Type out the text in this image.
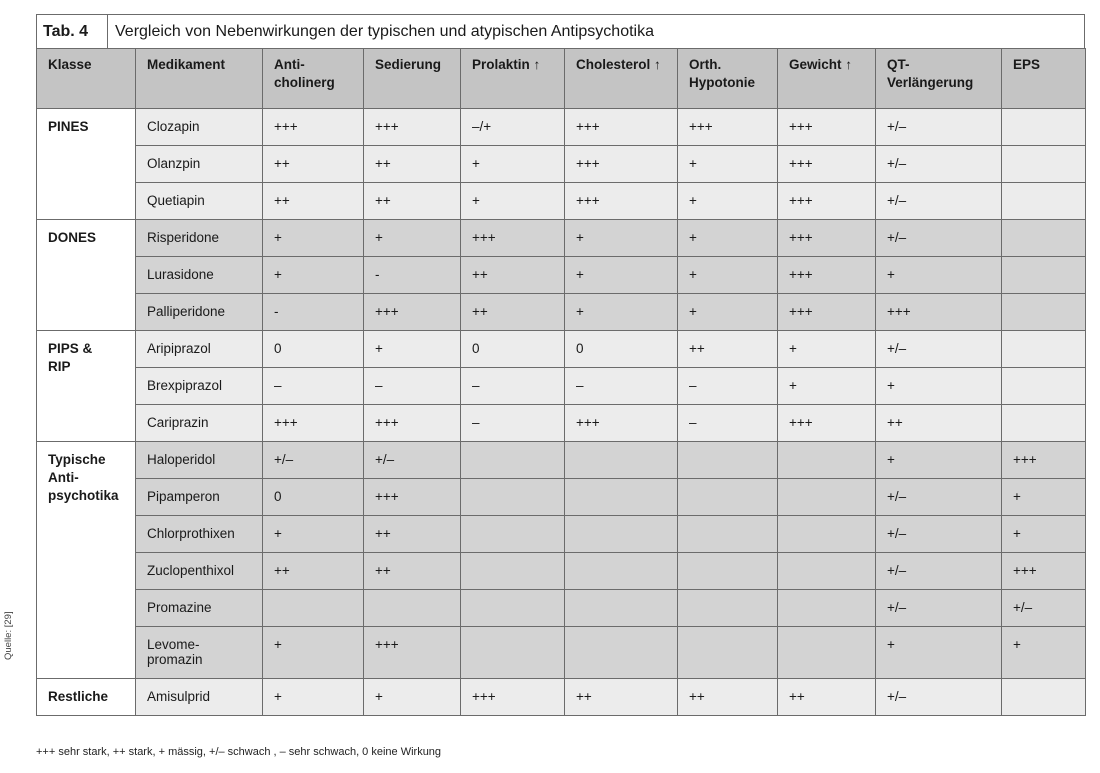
Tab. 4	Vergleich von Nebenwirkungen der typischen und atypischen Antipsychotika
Klasse	Medikament	Anti-
cholinerg	Sedierung	Prolaktin ↑	Cholesterol ↑	Orth.
Hypotonie	Gewicht ↑	QT-
Verlängerung	EPS
PINES	Clozapin	+++	+++	–/+	+++	+++	+++	+/–	
	Olanzpin	++	++	+	+++	+	+++	+/–	
	Quetiapin	++	++	+	+++	+	+++	+/–	
DONES	Risperidone	+	+	+++	+	+	+++	+/–	
	Lurasidone	+	-	++	+	+	+++	+	
	Palliperidone	-	+++	++	+	+	+++	+++	
PIPS &
RIP	Aripiprazol	0	+	0	0	++	+	+/–	
	Brexpiprazol	–	–	–	–	–	+	+	
	Cariprazin	+++	+++	–	+++	–	+++	++	
Typische
Anti-
psychotika	Haloperidol	+/–	+/–					+	+++
	Pipamperon	0	+++					+/–	+
	Chlorprothixen	+	++					+/–	+
	Zuclopenthixol	++	++					+/–	+++
	Promazine							+/–	+/–
	Levome-
promazin	+	+++					+	+
Restliche	Amisulprid	+	+	+++	++	++	++	+/–	
Quelle: [29]
+++ sehr stark, ++ stark, + mässig, +/– schwach , – sehr schwach, 0 keine Wirkung
